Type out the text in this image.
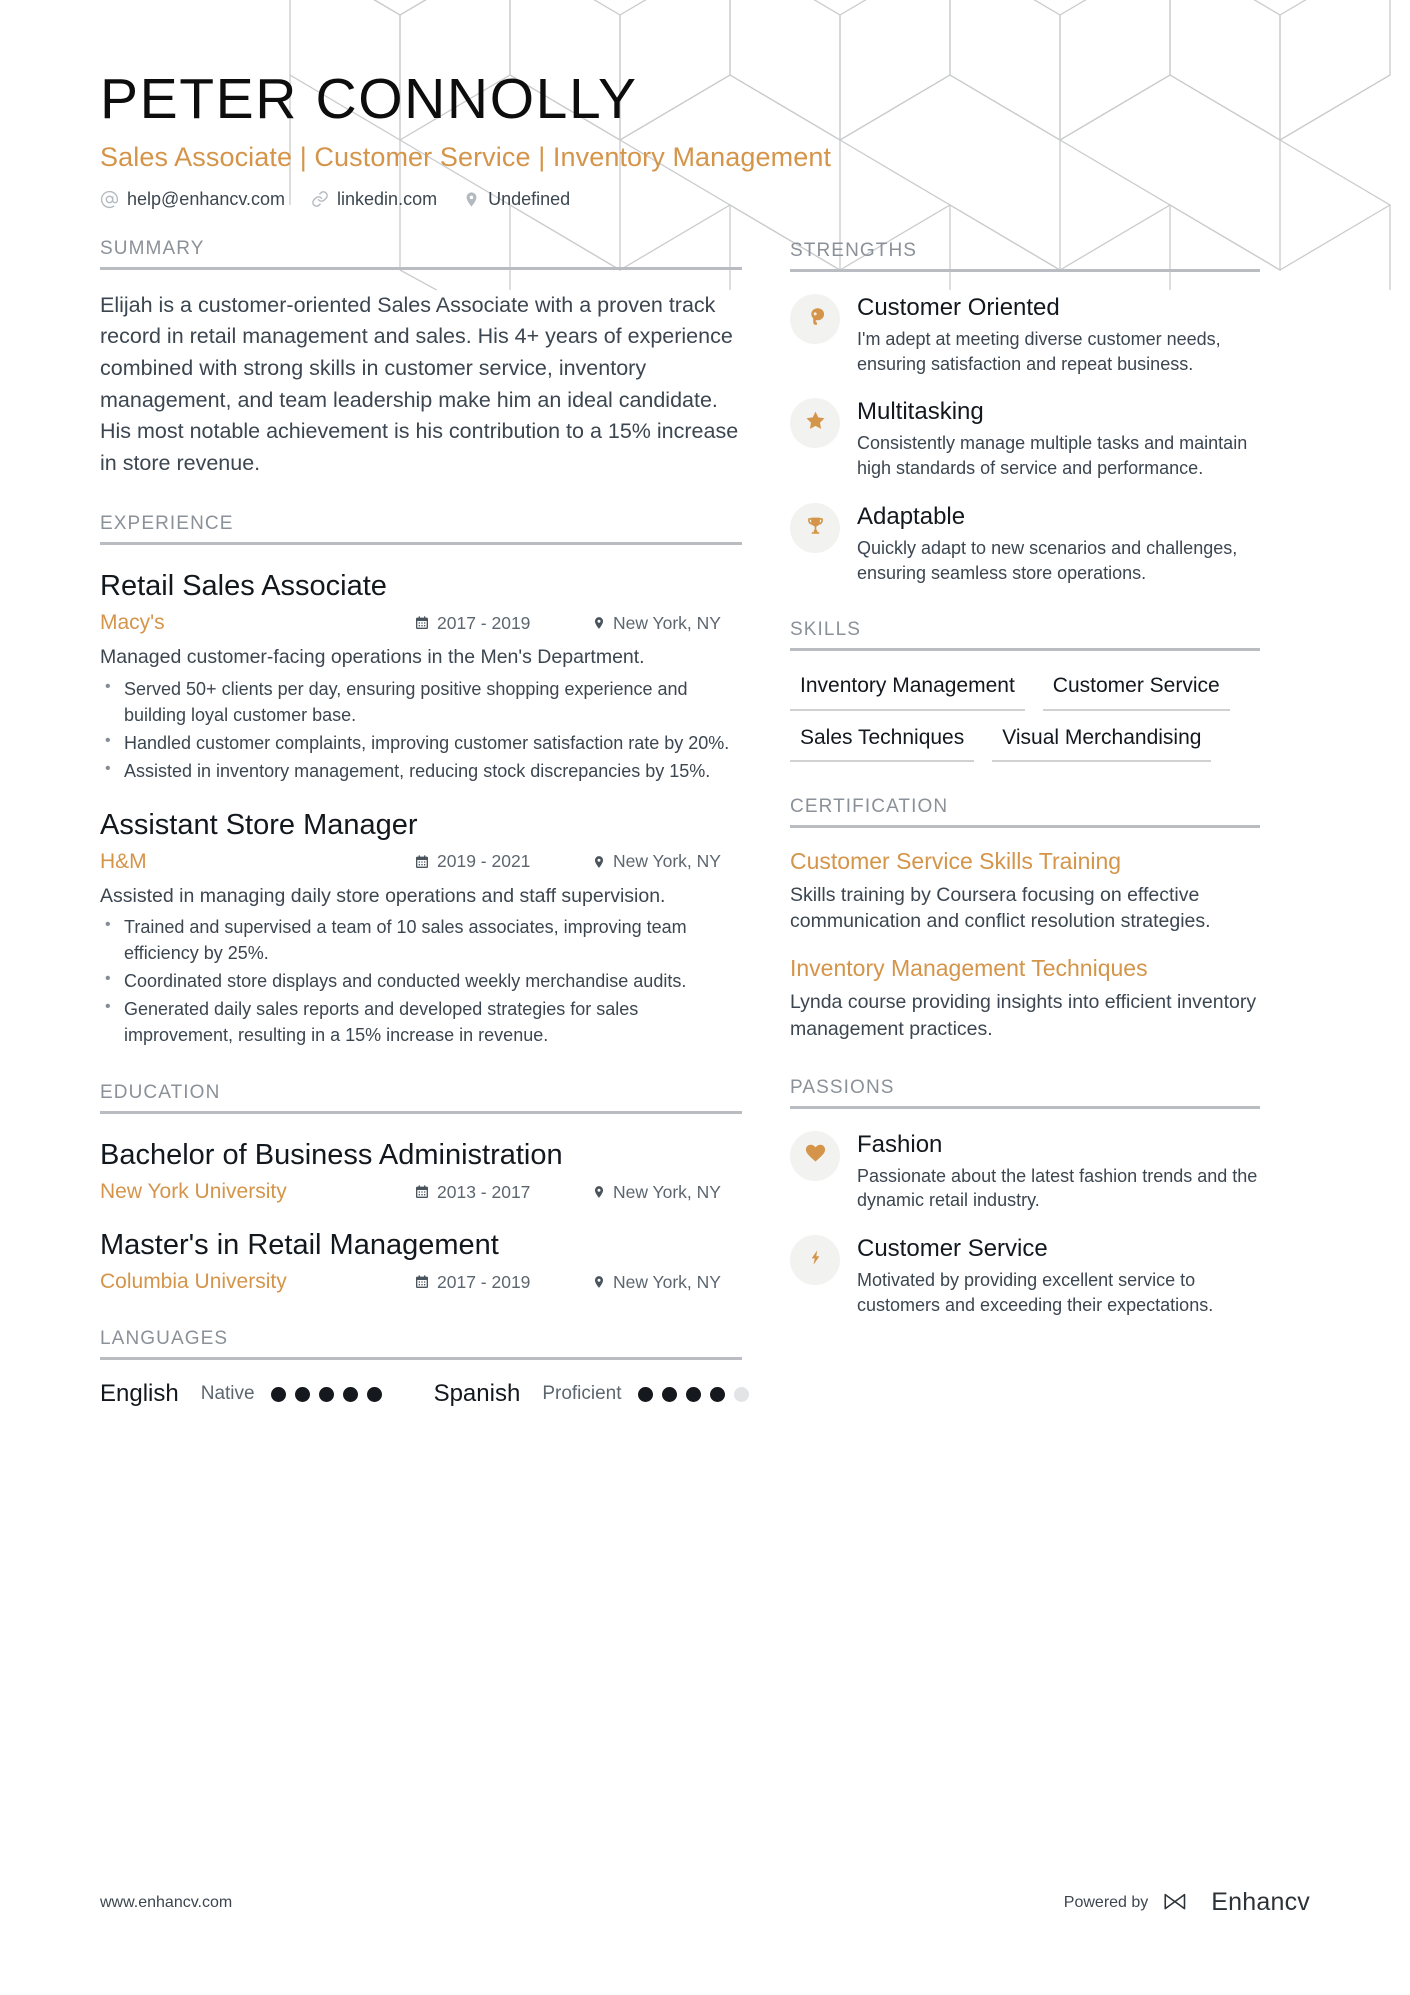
PETER CONNOLLY
Sales Associate | Customer Service | Inventory Management
help@enhancv.com	linkedin.com	Undefined
SUMMARY
Elijah is a customer-oriented Sales Associate with a proven track record in retail management and sales. His 4+ years of experience combined with strong skills in customer service, inventory management, and team leadership make him an ideal candidate. His most notable achievement is his contribution to a 15% increase in store revenue.
EXPERIENCE
Retail Sales Associate
Macy's	2017 - 2019	New York, NY
Managed customer-facing operations in the Men's Department.
• Served 50+ clients per day, ensuring positive shopping experience and building loyal customer base.
• Handled customer complaints, improving customer satisfaction rate by 20%.
• Assisted in inventory management, reducing stock discrepancies by 15%.
Assistant Store Manager
H&M	2019 - 2021	New York, NY
Assisted in managing daily store operations and staff supervision.
• Trained and supervised a team of 10 sales associates, improving team efficiency by 25%.
• Coordinated store displays and conducted weekly merchandise audits.
• Generated daily sales reports and developed strategies for sales improvement, resulting in a 15% increase in revenue.
EDUCATION
Bachelor of Business Administration
New York University	2013 - 2017	New York, NY
Master's in Retail Management
Columbia University	2017 - 2019	New York, NY
LANGUAGES
English Native	Spanish Proficient
STRENGTHS
Customer Oriented
I'm adept at meeting diverse customer needs, ensuring satisfaction and repeat business.
Multitasking
Consistently manage multiple tasks and maintain high standards of service and performance.
Adaptable
Quickly adapt to new scenarios and challenges, ensuring seamless store operations.
SKILLS
Inventory Management	Customer Service
Sales Techniques	Visual Merchandising
CERTIFICATION
Customer Service Skills Training
Skills training by Coursera focusing on effective communication and conflict resolution strategies.
Inventory Management Techniques
Lynda course providing insights into efficient inventory management practices.
PASSIONS
Fashion
Passionate about the latest fashion trends and the dynamic retail industry.
Customer Service
Motivated by providing excellent service to customers and exceeding their expectations.
www.enhancv.com	Powered by	Enhancv
